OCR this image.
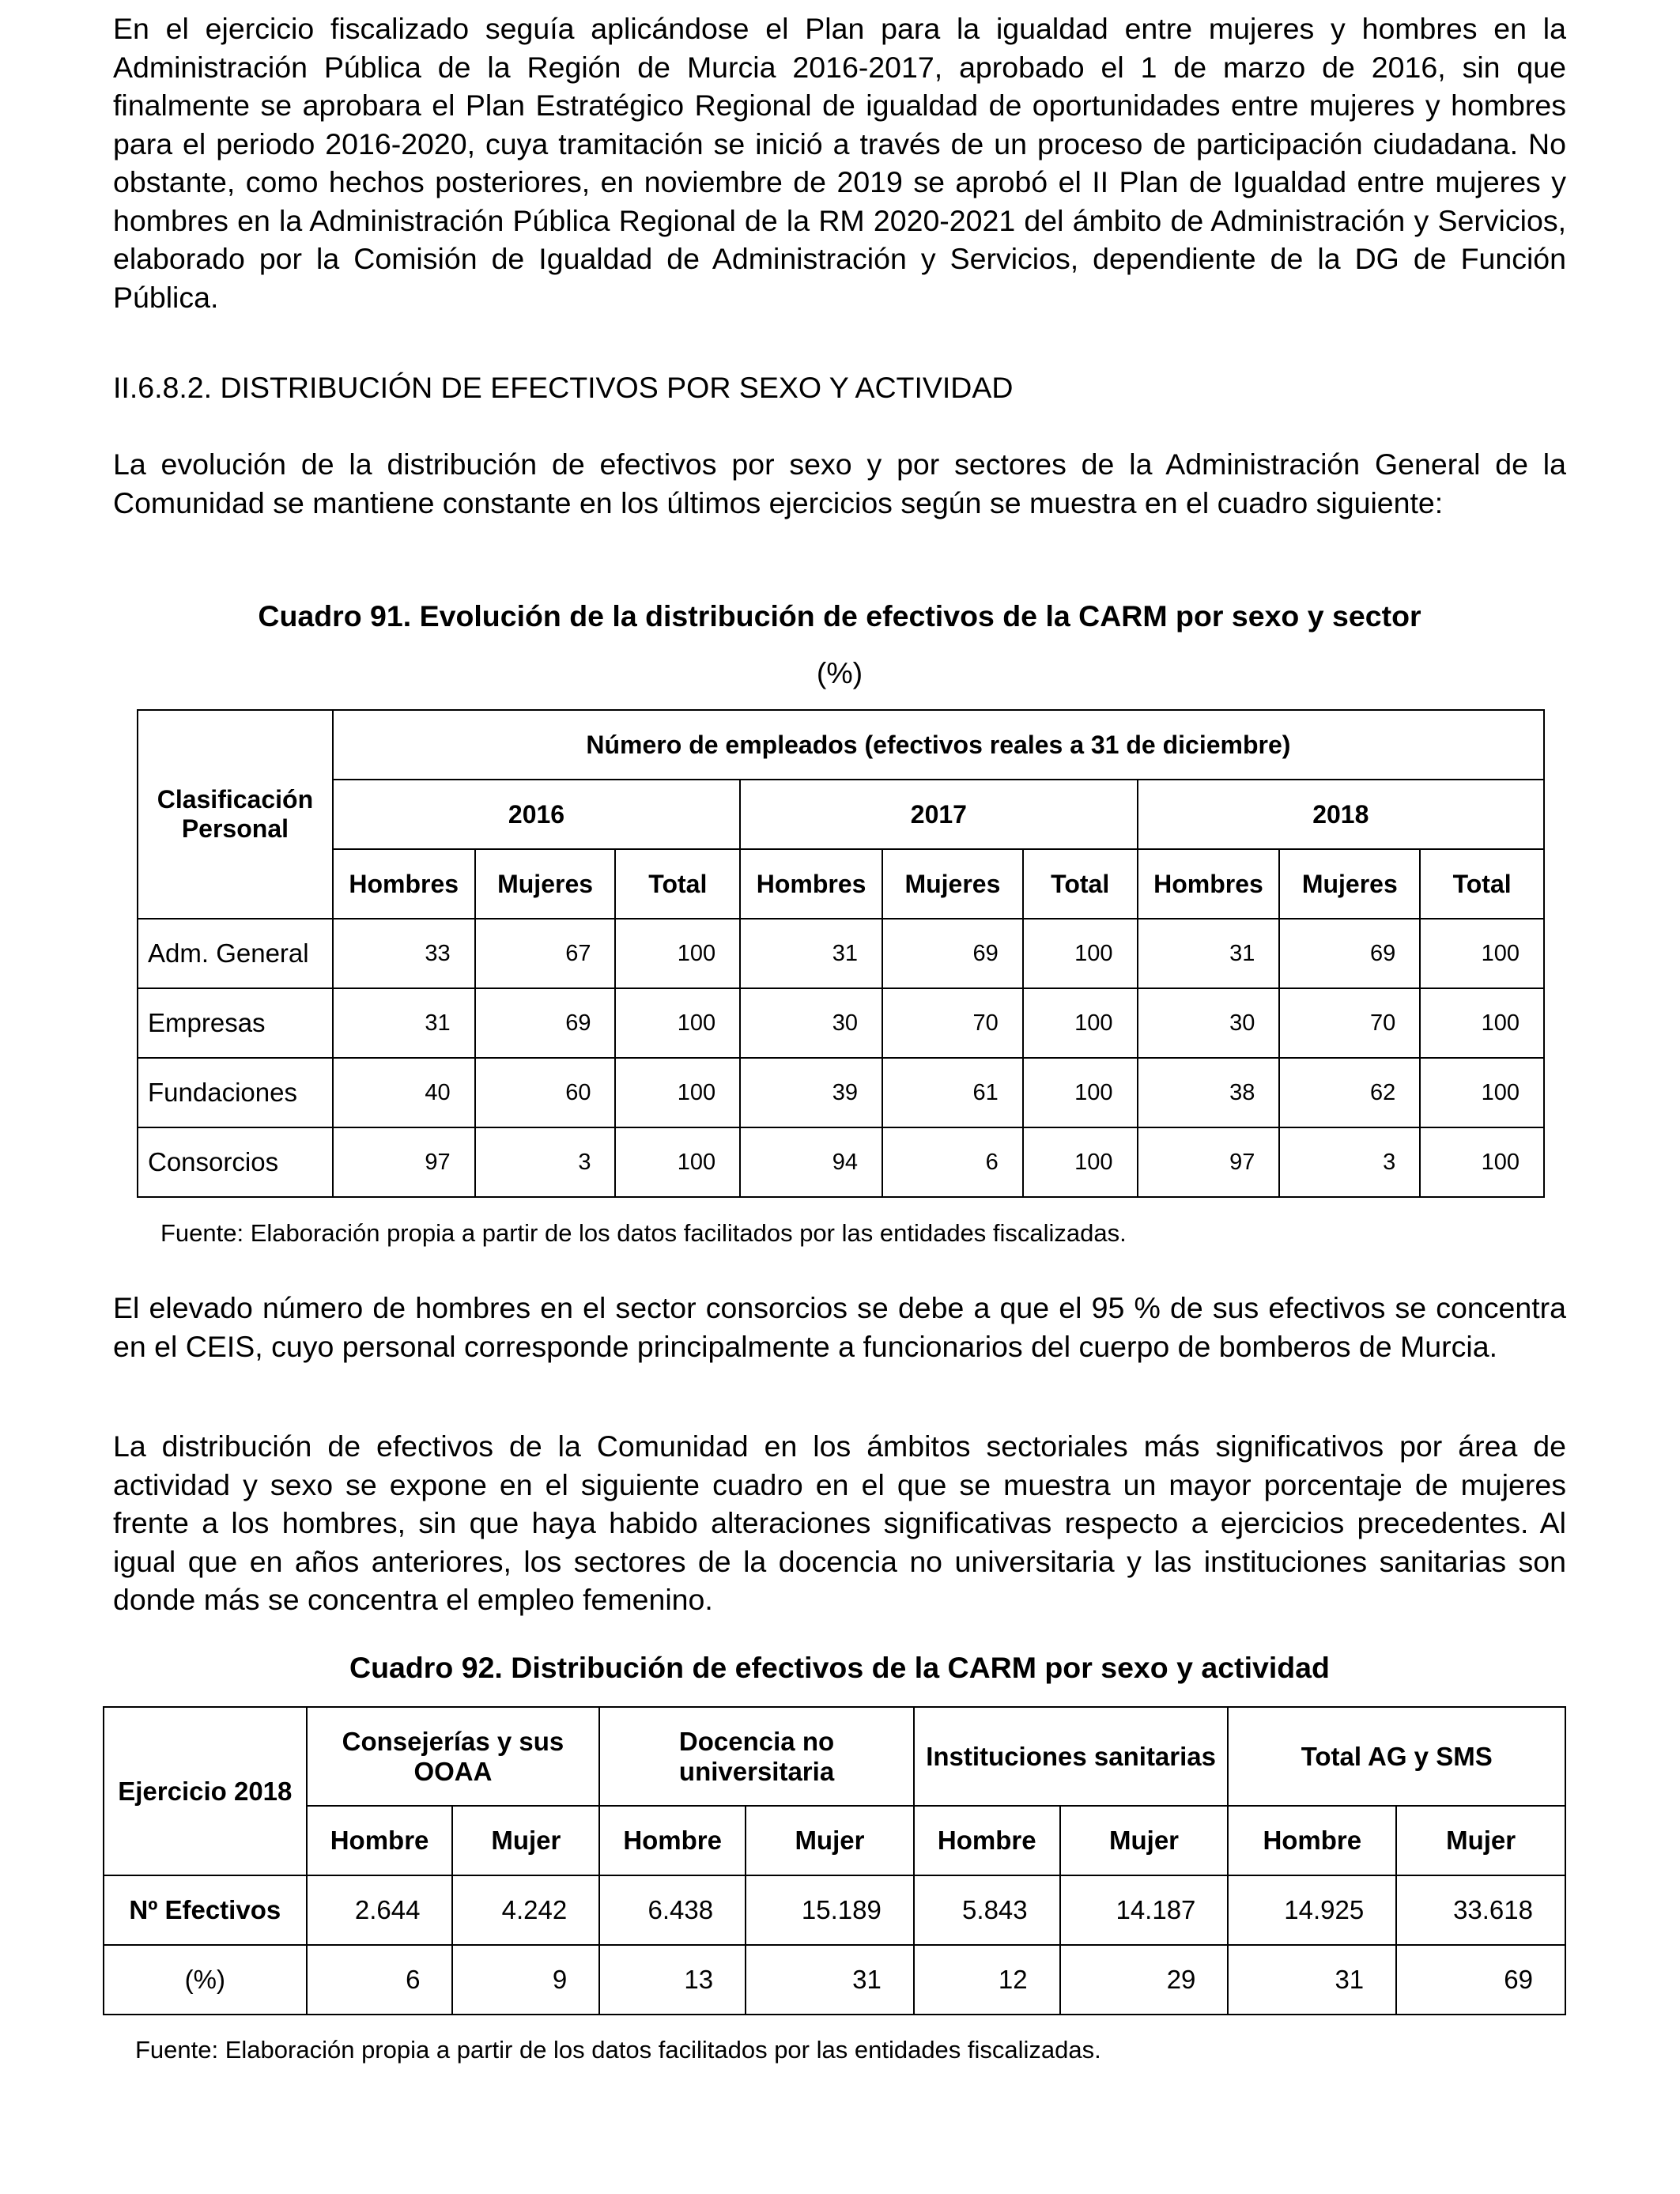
En el ejercicio fiscalizado seguía aplicándose el Plan para la igualdad entre mujeres y hombres en la Administración Pública de la Región de Murcia 2016-2017, aprobado el 1 de marzo de 2016, sin que finalmente se aprobara el Plan Estratégico Regional de igualdad de oportunidades entre mujeres y hombres para el periodo 2016-2020, cuya tramitación se inició a través de un proceso de participación ciudadana. No obstante, como hechos posteriores, en noviembre de 2019 se aprobó el II Plan de Igualdad entre mujeres y hombres en la Administración Pública Regional de la RM 2020-2021 del ámbito de Administración y Servicios, elaborado por la Comisión de Igualdad de Administración y Servicios, dependiente de la DG de Función Pública.

II.6.8.2. DISTRIBUCIÓN DE EFECTIVOS POR SEXO Y ACTIVIDAD

La evolución de la distribución de efectivos por sexo y por sectores de la Administración General de la Comunidad se mantiene constante en los últimos ejercicios según se muestra en el cuadro siguiente:

Cuadro 91. Evolución de la distribución de efectivos de la CARM por sexo y sector
(%)
Clasificación Personal	Número de empleados (efectivos reales a 31 de diciembre)								
	2016			2017			2018		
	Hombres	Mujeres	Total	Hombres	Mujeres	Total	Hombres	Mujeres	Total
Adm. General	33	67	100	31	69	100	31	69	100
Empresas	31	69	100	30	70	100	30	70	100
Fundaciones	40	60	100	39	61	100	38	62	100
Consorcios	97	3	100	94	6	100	97	3	100
Fuente: Elaboración propia a partir de los datos facilitados por las entidades fiscalizadas.

El elevado número de hombres en el sector consorcios se debe a que el 95 % de sus efectivos se concentra en el CEIS, cuyo personal corresponde principalmente a funcionarios del cuerpo de bomberos de Murcia.

La distribución de efectivos de la Comunidad en los ámbitos sectoriales más significativos por área de actividad y sexo se expone en el siguiente cuadro en el que se muestra un mayor porcentaje de mujeres frente a los hombres, sin que haya habido alteraciones significativas respecto a ejercicios precedentes. Al igual que en años anteriores, los sectores de la docencia no universitaria y las instituciones sanitarias son donde más se concentra el empleo femenino.

Cuadro 92. Distribución de efectivos de la CARM por sexo y actividad
Ejercicio 2018	Consejerías y sus OOAA		Docencia no universitaria		Instituciones sanitarias		Total AG y SMS	
	Hombre	Mujer	Hombre	Mujer	Hombre	Mujer	Hombre	Mujer
Nº Efectivos	2.644	4.242	6.438	15.189	5.843	14.187	14.925	33.618
(%)	6	9	13	31	12	29	31	69
Fuente: Elaboración propia a partir de los datos facilitados por las entidades fiscalizadas.
